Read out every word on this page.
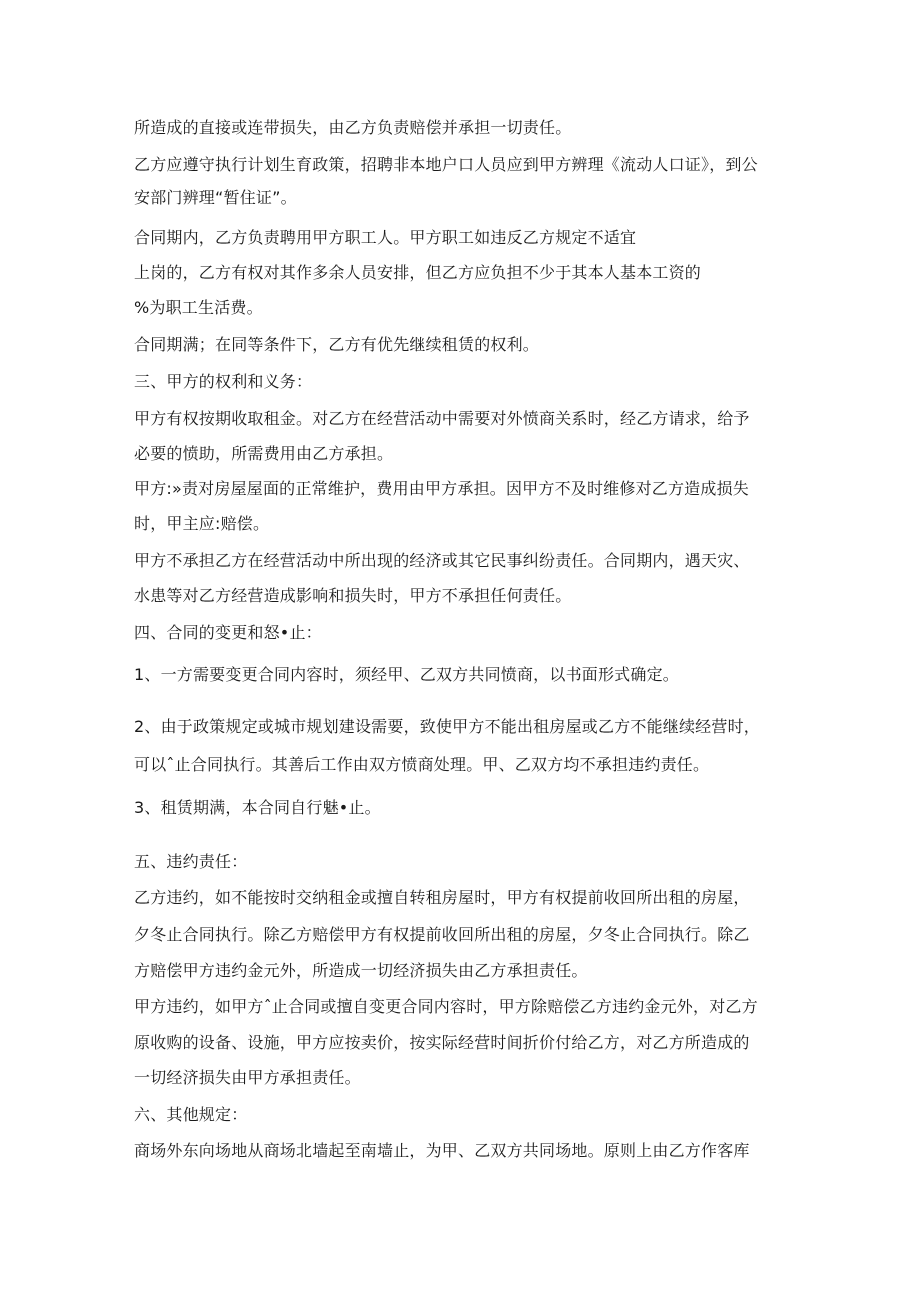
所造成的直接或连带损失，由乙方负责赔偿并承担一切责任。
乙方应遵守执行计划生育政策，招聘非本地户口人员应到甲方辨理《流动人口证》，到公
安部门辨理“暂住证”。
合同期内，乙方负责聘用甲方职工人。甲方职工如违反乙方规定不适宜
上岗的，乙方有权对其作多余人员安排，但乙方应负担不少于其本人基本工资的
%为职工生活费。
合同期满；在同等条件下，乙方有优先继续租赁的权利。
三、甲方的权利和义务：
甲方有权按期收取租金。对乙方在经营活动中需要对外愤商关系时，经乙方请求，给予
必要的愤助，所需费用由乙方承担。
甲方:»责对房屋屋面的正常维护，费用由甲方承担。因甲方不及时维修对乙方造成损失
时，甲主应:赔偿。
甲方不承担乙方在经营活动中所出现的经济或其它民事纠纷责任。合同期内，遇天灾、
水患等对乙方经营造成影响和损失时，甲方不承担任何责任。
四、合同的变更和怒•止：
1、一方需要变更合同内容时，须经甲、乙双方共同愤商，以书面形式确定。
2、由于政策规定或城市规划建设需要，致使甲方不能出租房屋或乙方不能继续经营时，
可以ˆ止合同执行。其善后工作由双方愤商处理。甲、乙双方均不承担违约责任。
3、租赁期满，本合同自行魅•止。
五、违约责任：
乙方违约，如不能按时交纳租金或擅自转租房屋时，甲方有权提前收回所出租的房屋，
夕冬止合同执行。除乙方赔偿甲方有权提前收回所出租的房屋，夕冬止合同执行。除乙
方赔偿甲方违约金元外，所造成一切经济损失由乙方承担责任。
甲方违约，如甲方ˆ止合同或擅自变更合同内容时，甲方除赔偿乙方违约金元外，对乙方
原收购的设备、设施，甲方应按卖价，按实际经营时间折价付给乙方，对乙方所造成的
一切经济损失由甲方承担责任。
六、其他规定：
商场外东向场地从商场北墙起至南墙止，为甲、乙双方共同场地。原则上由乙方作客库
